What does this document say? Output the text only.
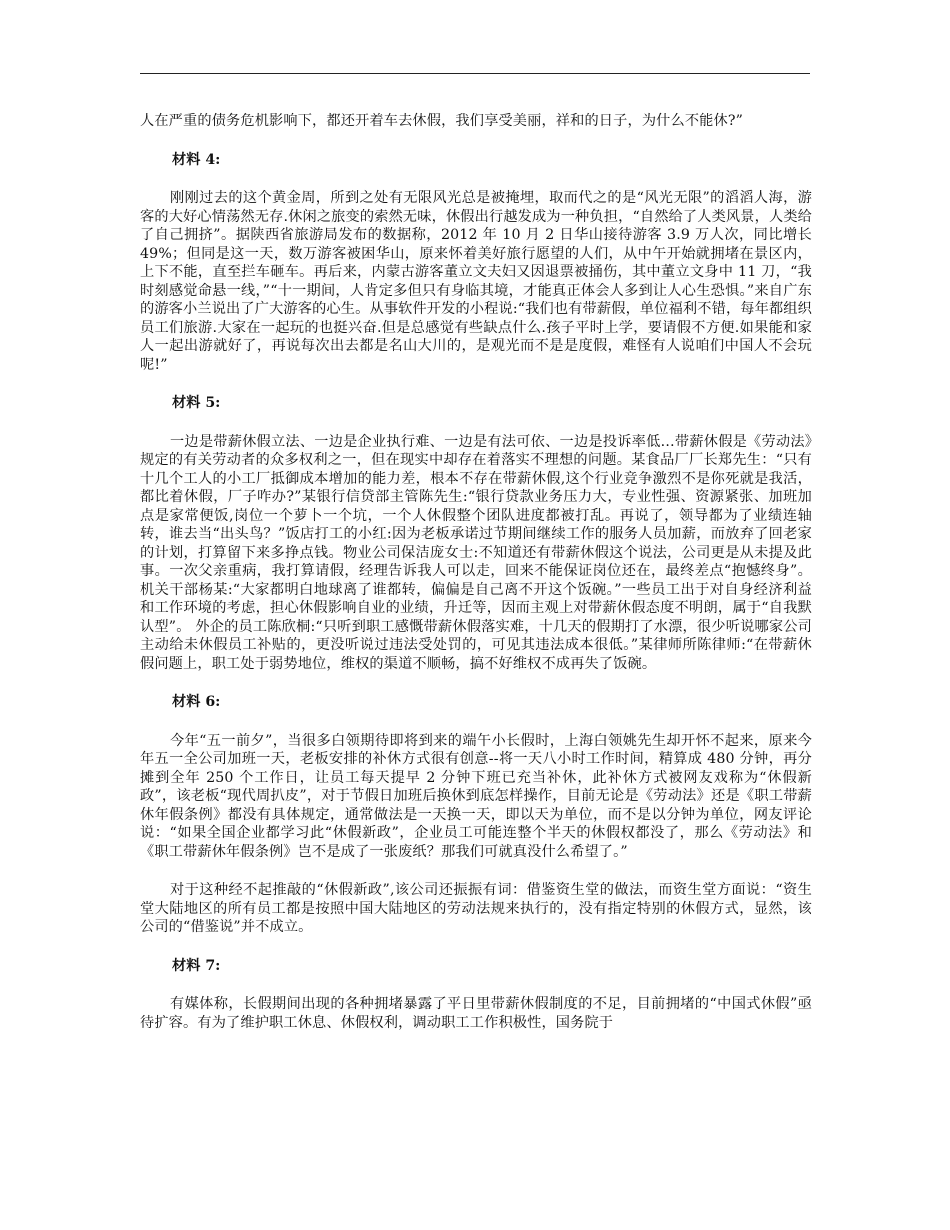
人在严重的债务危机影响下，都还开着车去休假，我们享受美丽，祥和的日子，为什么不能休?”

材料 4:

刚刚过去的这个黄金周，所到之处有无限风光总是被掩埋，取而代之的是“风光无限”的滔滔人海，游客的大好心情荡然无存.休闲之旅变的索然无味，休假出行越发成为一种负担，“自然给了人类风景，人类给了自己拥挤”。据陕西省旅游局发布的数据称，2012 年 10 月 2 日华山接待游客 3.9 万人次，同比增长 49%；但同是这一天，数万游客被困华山，原来怀着美好旅行愿望的人们，从中午开始就拥堵在景区内，上下不能，直至拦车砸车。再后来，内蒙古游客董立文夫妇又因退票被捅伤，其中董立文身中 11 刀，“我时刻感觉命悬一线，”“十一期间，人肯定多但只有身临其境，才能真正体会人多到让人心生恐惧。”来自广东的游客小兰说出了广大游客的心生。从事软件开发的小程说:“我们也有带薪假，单位福利不错，每年都组织员工们旅游.大家在一起玩的也挺兴奋.但是总感觉有些缺点什么.孩子平时上学，要请假不方便.如果能和家人一起出游就好了，再说每次出去都是名山大川的，是观光而不是是度假，难怪有人说咱们中国人不会玩呢!”

材料 5:

一边是带薪休假立法、一边是企业执行难、一边是有法可依、一边是投诉率低…带薪休假是《劳动法》规定的有关劳动者的众多权利之一，但在现实中却存在着落实不理想的问题。某食品厂厂长郑先生：“只有十几个工人的小工厂抵御成本增加的能力差，根本不存在带薪休假,这个行业竞争激烈不是你死就是我活，都比着休假，厂子咋办?”某银行信贷部主管陈先生:“银行贷款业务压力大，专业性强、资源紧张、加班加点是家常便饭,岗位一个萝卜一个坑，一个人休假整个团队进度都被打乱。再说了，领导都为了业绩连轴转，谁去当“出头鸟？”饭店打工的小红:因为老板承诺过节期间继续工作的服务人员加薪，而放弃了回老家的计划，打算留下来多挣点钱。物业公司保洁庞女士:不知道还有带薪休假这个说法，公司更是从未提及此事。一次父亲重病，我打算请假，经理告诉我人可以走，回来不能保证岗位还在，最终差点“抱憾终身”。机关干部杨某:“大家都明白地球离了谁都转，偏偏是自己离不开这个饭碗。”一些员工出于对自身经济利益和工作环境的考虑，担心休假影响自业的业绩，升迁等，因而主观上对带薪休假态度不明朗，属于“自我默认型”。 外企的员工陈欣桐:“只听到职工感慨带薪休假落实难，十几天的假期打了水漂，很少听说哪家公司主动给未休假员工补贴的，更没听说过违法受处罚的，可见其违法成本很低。”某律师所陈律师:“在带薪休假问题上，职工处于弱势地位，维权的渠道不顺畅，搞不好维权不成再失了饭碗。

材料 6:

今年“五一前夕”，当很多白领期待即将到来的端午小长假时，上海白领姚先生却开怀不起来，原来今年五一全公司加班一天，老板安排的补休方式很有创意--将一天八小时工作时间，精算成 480 分钟，再分摊到全年 250 个工作日，让员工每天提早 2 分钟下班已充当补休，此补休方式被网友戏称为“休假新政”，该老板“现代周扒皮”，对于节假日加班后换休到底怎样操作，目前无论是《劳动法》还是《职工带薪休年假条例》都没有具体规定，通常做法是一天换一天，即以天为单位，而不是以分钟为单位，网友评论说：“如果全国企业都学习此“休假新政”，企业员工可能连整个半天的休假权都没了，那么《劳动法》和《职工带薪休年假条例》岂不是成了一张废纸？那我们可就真没什么希望了。”

对于这种经不起推敲的“休假新政”,该公司还振振有词：借鉴资生堂的做法，而资生堂方面说：“资生堂大陆地区的所有员工都是按照中国大陆地区的劳动法规来执行的，没有指定特别的休假方式，显然，该公司的“借鉴说”并不成立。

材料 7:

有媒体称，长假期间出现的各种拥堵暴露了平日里带薪休假制度的不足，目前拥堵的“中国式休假”亟待扩容。有为了维护职工休息、休假权利，调动职工工作积极性，国务院于
